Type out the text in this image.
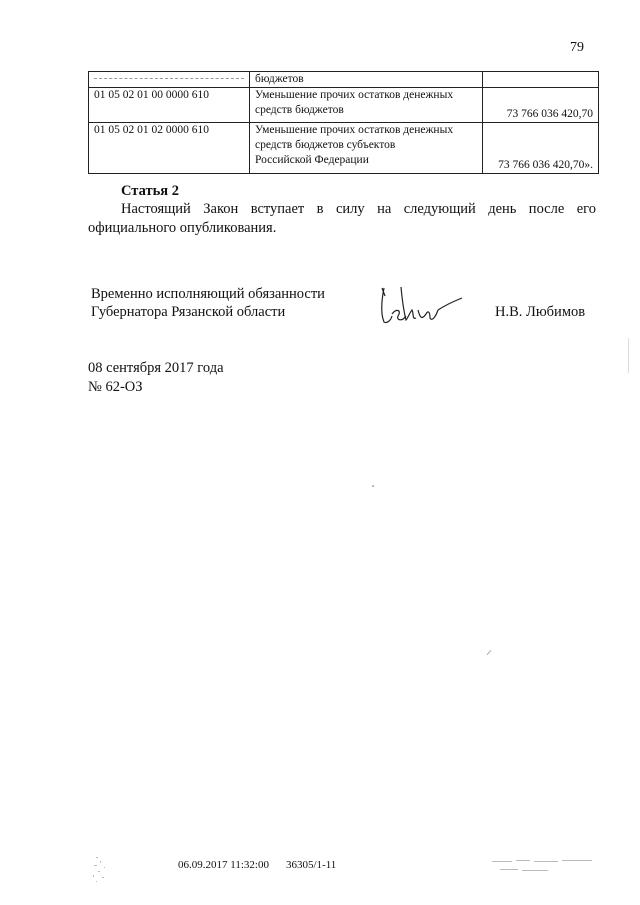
79
	бюджетов	
01 05 02 01 00 0000 610	Уменьшение прочих остатков денежных
средств бюджетов	73 766 036 420,70
01 05 02 01 02 0000 610	Уменьшение прочих остатков денежных
средств бюджетов субъектов
Российской Федерации	73 766 036 420,70».
Статья 2
Настоящий Закон вступает в силу на следующий день после его
официального опубликования.
Временно исполняющий обязанности
Губернатора Рязанской области	Н.В. Любимов
08 сентября 2017 года
№ 62-ОЗ
06.09.2017 11:32:00 36305/1-11
